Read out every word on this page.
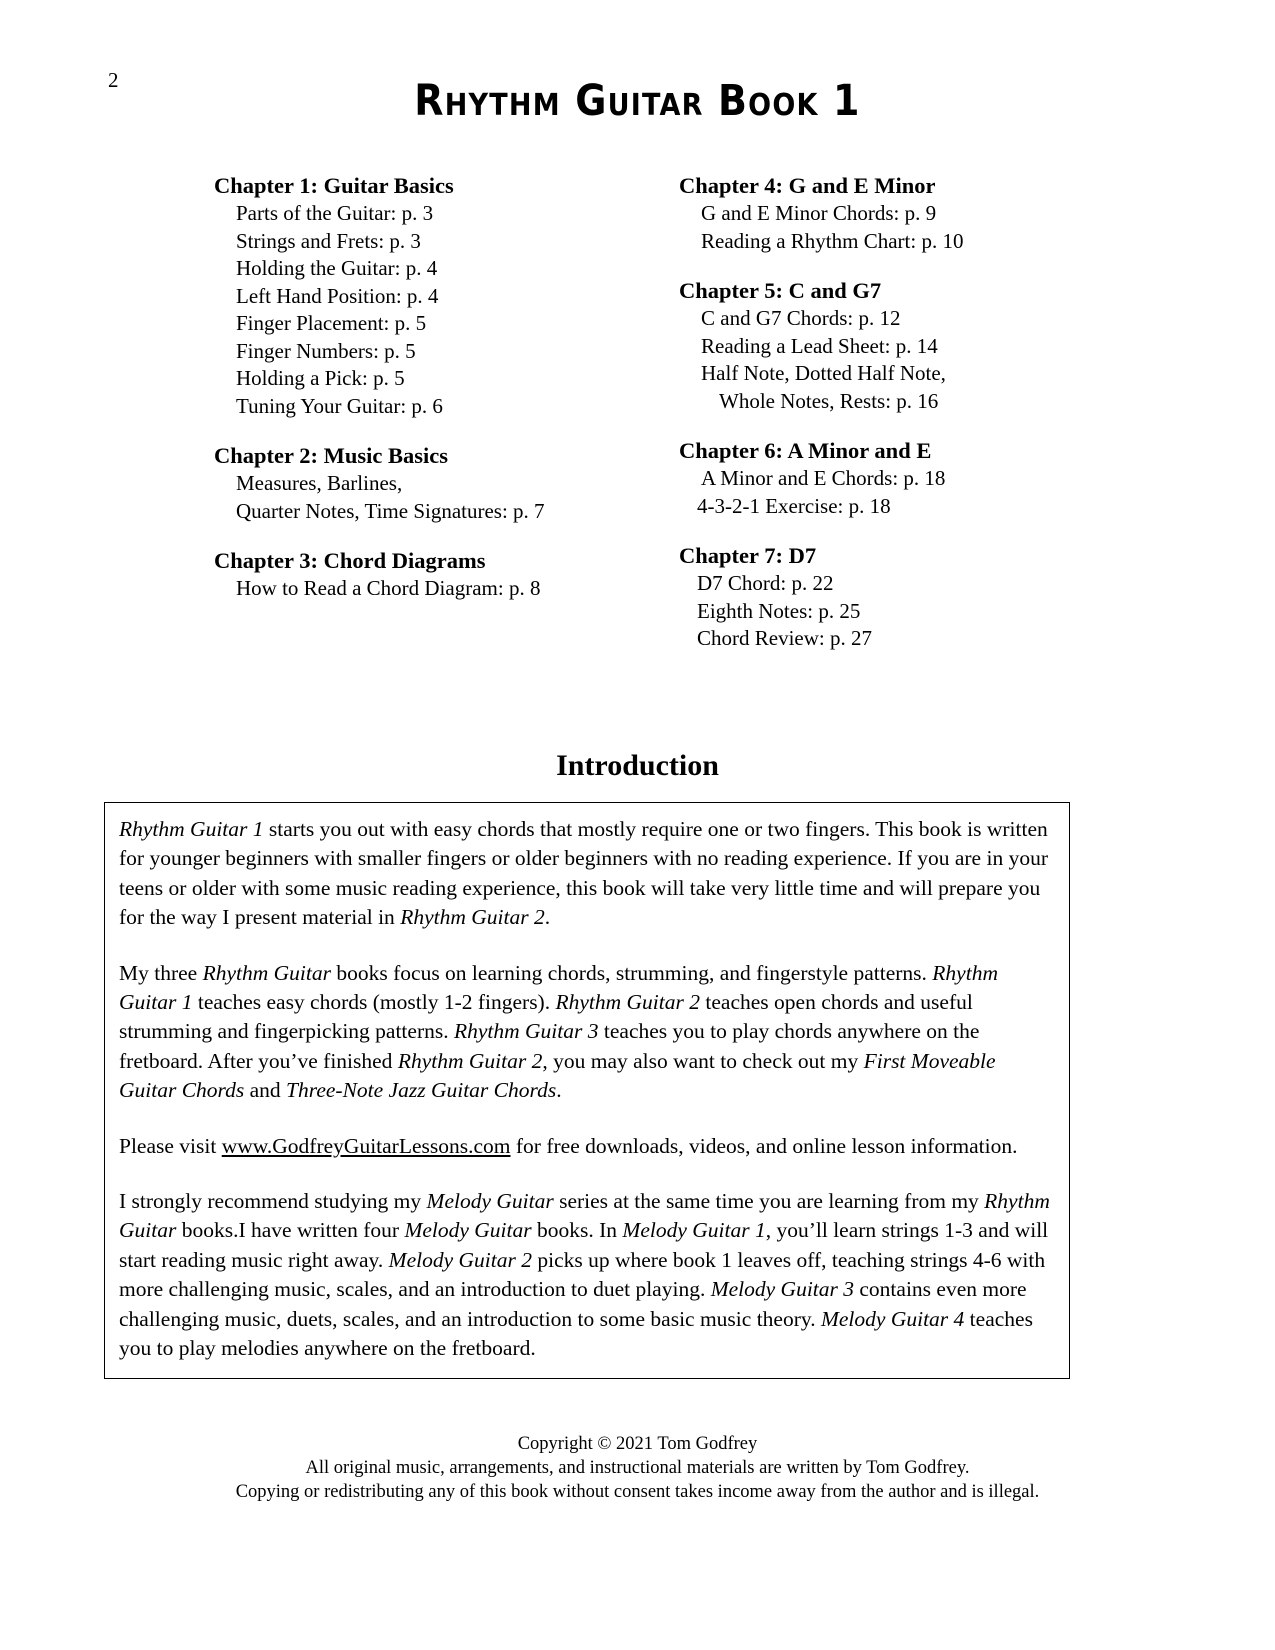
2	Rhythm Guitar Book 1
Chapter 1: Guitar Basics
Parts of the Guitar: p. 3
Strings and Frets: p. 3
Holding the Guitar: p. 4
Left Hand Position: p. 4
Finger Placement: p. 5
Finger Numbers: p. 5
Holding a Pick: p. 5
Tuning Your Guitar: p. 6
Chapter 2: Music Basics
Measures, Barlines,
Quarter Notes, Time Signatures: p. 7
Chapter 3: Chord Diagrams
How to Read a Chord Diagram: p. 8
Chapter 4: G and E Minor
G and E Minor Chords: p. 9
Reading a Rhythm Chart: p. 10
Chapter 5: C and G7
C and G7 Chords: p. 12
Reading a Lead Sheet: p. 14
Half Note, Dotted Half Note,
Whole Notes, Rests: p. 16
Chapter 6: A Minor and E
A Minor and E Chords: p. 18
4-3-2-1 Exercise: p. 18
Chapter 7: D7
D7 Chord: p. 22
Eighth Notes: p. 25
Chord Review: p. 27
Introduction

Rhythm Guitar 1 starts you out with easy chords that mostly require one or two fingers. This book is written for younger beginners with smaller fingers or older beginners with no reading experience. If you are in your teens or older with some music reading experience, this book will take very little time and will prepare you for the way I present material in Rhythm Guitar 2.

My three Rhythm Guitar books focus on learning chords, strumming, and fingerstyle patterns. Rhythm Guitar 1 teaches easy chords (mostly 1-2 fingers). Rhythm Guitar 2 teaches open chords and useful strumming and fingerpicking patterns. Rhythm Guitar 3 teaches you to play chords anywhere on the fretboard. After you’ve finished Rhythm Guitar 2, you may also want to check out my First Moveable Guitar Chords and Three-Note Jazz Guitar Chords.

Please visit www.GodfreyGuitarLessons.com for free downloads, videos, and online lesson information.

I strongly recommend studying my Melody Guitar series at the same time you are learning from my Rhythm Guitar books.I have written four Melody Guitar books. In Melody Guitar 1, you’ll learn strings 1-3 and will start reading music right away. Melody Guitar 2 picks up where book 1 leaves off, teaching strings 4-6 with more challenging music, scales, and an introduction to duet playing. Melody Guitar 3 contains even more challenging music, duets, scales, and an introduction to some basic music theory. Melody Guitar 4 teaches you to play melodies anywhere on the fretboard.

Copyright © 2021 Tom Godfrey
All original music, arrangements, and instructional materials are written by Tom Godfrey.
Copying or redistributing any of this book without consent takes income away from the author and is illegal.
